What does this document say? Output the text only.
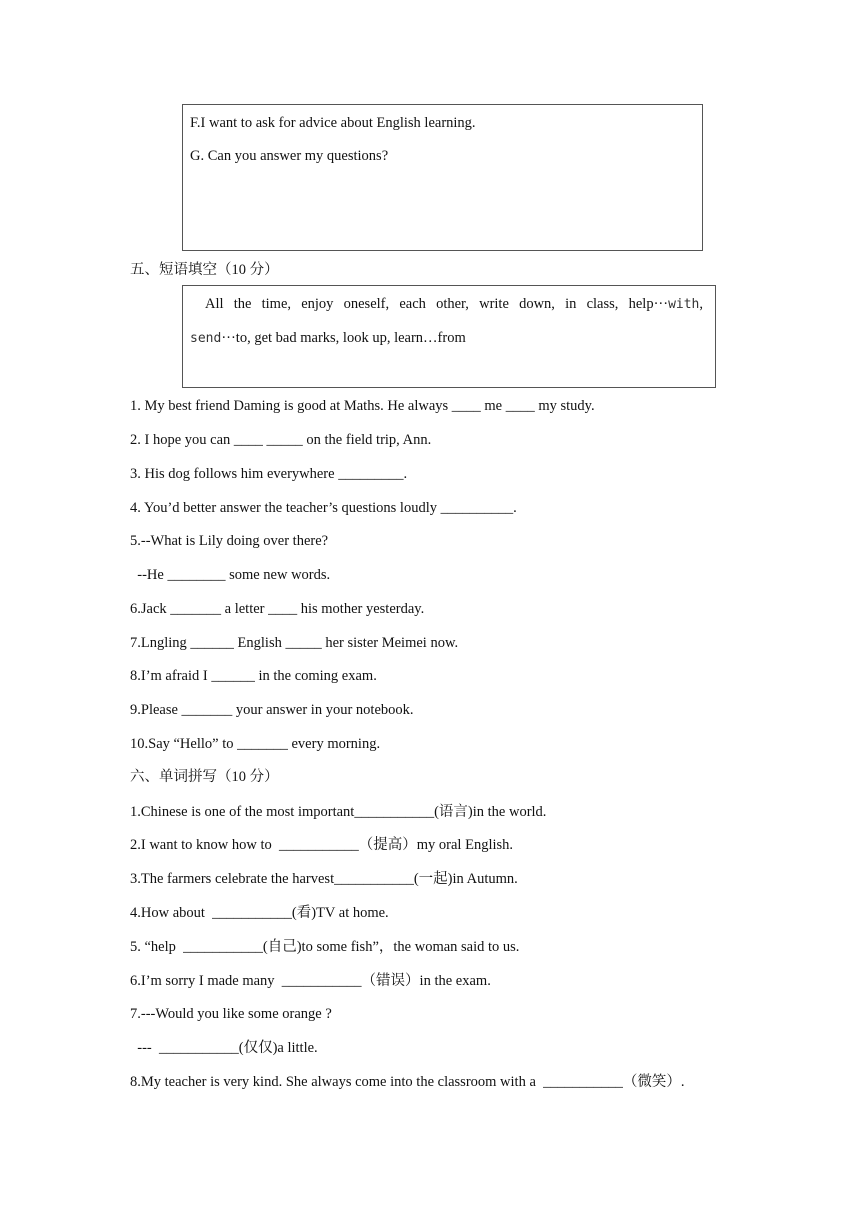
F.I want to ask for advice about English learning.
G. Can you answer my questions?
五、短语填空（10 分）
All the time, enjoy oneself, each other, write down, in class, help···with,
send···to, get bad marks, look up, learn…from
1. My best friend Daming is good at Maths. He always ____ me ____ my study.
2. I hope you can ____ _____ on the field trip, Ann.
3. His dog follows him everywhere _________.
4. You’d better answer the teacher’s questions loudly __________.
5.--What is Lily doing over there?
--He ________ some new words.
6.Jack _______ a letter ____ his mother yesterday.
7.Lngling ______ English _____ her sister Meimei now.
8.I’m afraid I ______ in the coming exam.
9.Please _______ your answer in your notebook.
10.Say “Hello” to _______ every morning.
六、单词拼写（10 分）
1.Chinese is one of the most important___________(语言)in the world.
2.I want to know how to  ___________（提高）my oral English.
3.The farmers celebrate the harvest___________(一起)in Autumn.
4.How about  ___________(看)TV at home.
5. “help  ___________(自己)to some fish”，the woman said to us.
6.I’m sorry I made many  ___________（错误）in the exam.
7.---Would you like some orange ?
---  ___________(仅仅)a little.
8.My teacher is very kind. She always come into the classroom with a  ___________（微笑）.
